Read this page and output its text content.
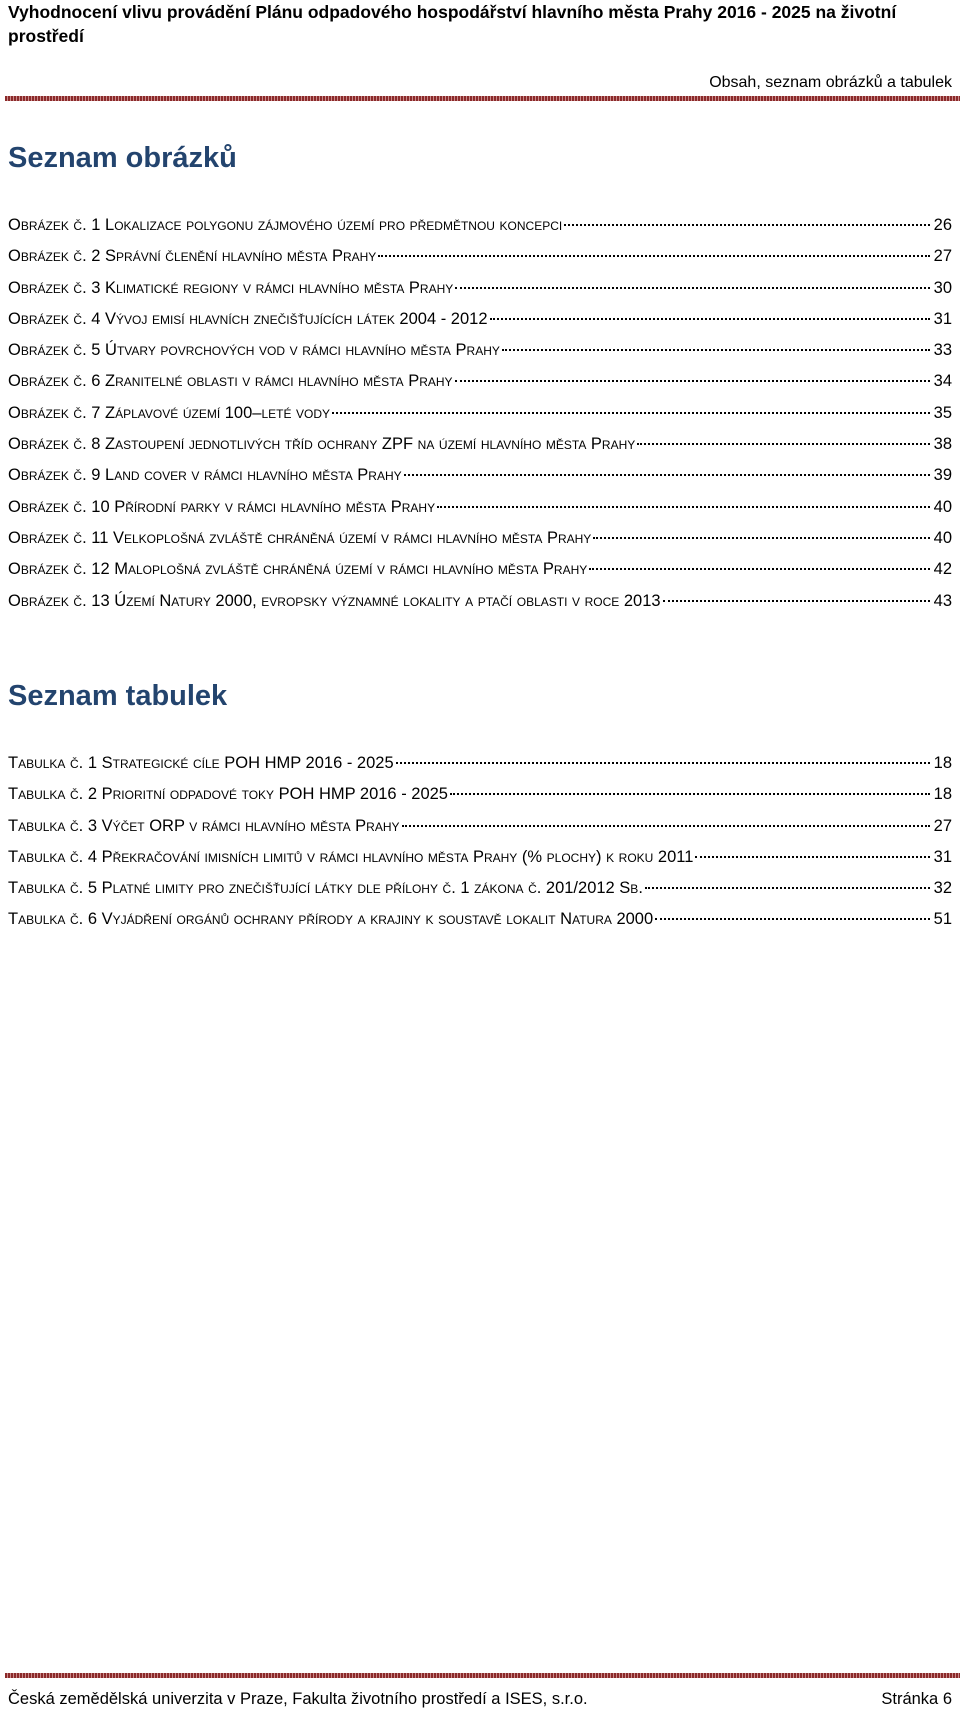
Vyhodnocení vlivu provádění Plánu odpadového hospodářství hlavního města Prahy 2016 - 2025 na životní prostředí
Obsah, seznam obrázků a tabulek
Seznam obrázků
Obrázek č. 1 Lokalizace polygonu zájmového území pro předmětnou koncepci	26
Obrázek č. 2 Správní členění hlavního města Prahy	27
Obrázek č. 3 Klimatické regiony v rámci hlavního města Prahy	30
Obrázek č. 4 Vývoj emisí hlavních znečišťujících látek 2004 - 2012	31
Obrázek č. 5 Útvary povrchových vod v rámci hlavního města Prahy	33
Obrázek č. 6 Zranitelné oblasti v rámci hlavního města Prahy	34
Obrázek č. 7 Záplavové území 100–leté vody	35
Obrázek č. 8 Zastoupení jednotlivých tříd ochrany ZPF na území hlavního města Prahy	38
Obrázek č. 9 Land cover v rámci hlavního města Prahy	39
Obrázek č. 10 Přírodní parky v rámci hlavního města Prahy	40
Obrázek č. 11 Velkoplošná zvláště chráněná území v rámci hlavního města Prahy	40
Obrázek č. 12 Maloplošná zvláště chráněná území v rámci hlavního města Prahy	42
Obrázek č. 13 Území Natury 2000, evropsky významné lokality a ptačí oblasti v roce 2013	43
Seznam tabulek
Tabulka č. 1 Strategické cíle POH HMP 2016 - 2025	18
Tabulka č. 2 Prioritní odpadové toky POH HMP 2016 - 2025	18
Tabulka č. 3 Výčet ORP v rámci hlavního města Prahy	27
Tabulka č. 4 Překračování imisních limitů v rámci hlavního města Prahy (% plochy) k roku 2011	31
Tabulka č. 5 Platné limity pro znečišťující látky dle přílohy č. 1 zákona č. 201/2012 Sb.	32
Tabulka č. 6 Vyjádření orgánů ochrany přírody a krajiny k soustavě lokalit Natura 2000	51
Česká zemědělská univerzita v Praze, Fakulta životního prostředí a ISES, s.r.o.	Stránka 6
